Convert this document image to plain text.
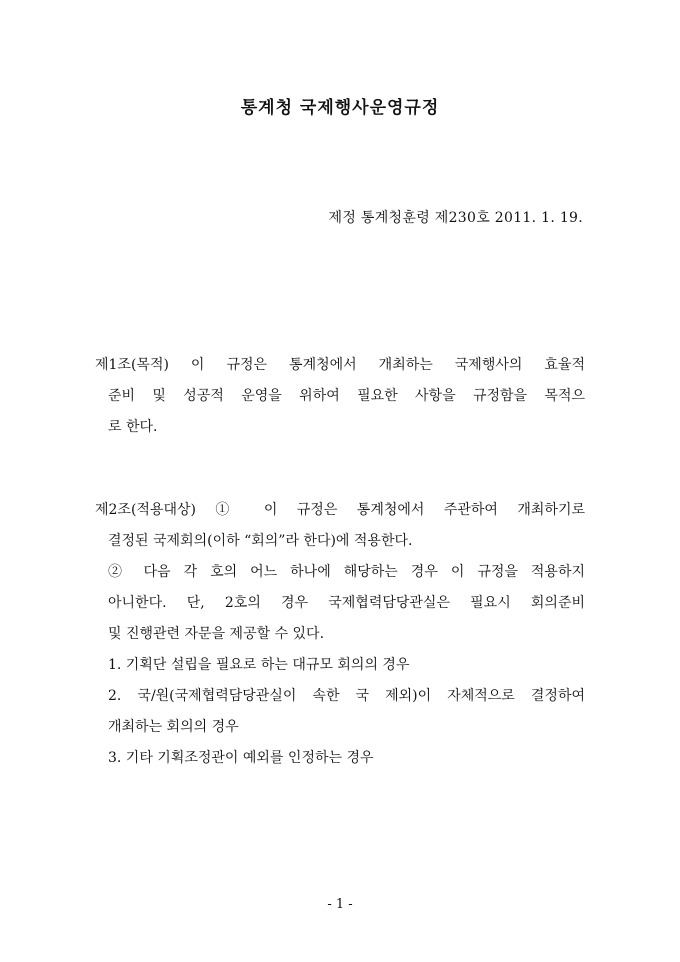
통계청 국제행사운영규정
제정 통계청훈령 제230호 2011. 1. 19.
제1조(목적) 이 규정은 통계청에서 개최하는 국제행사의 효율적
준비 및 성공적 운영을 위하여 필요한 사항을 규정함을 목적으
로 한다.
제2조(적용대상) ① 이 규정은 통계청에서 주관하여 개최하기로
결정된 국제회의(이하 “회의”라 한다)에 적용한다.
② 다음 각 호의 어느 하나에 해당하는 경우 이 규정을 적용하지
아니한다. 단, 2호의 경우 국제협력담당관실은 필요시 회의준비
및 진행관련 자문을 제공할 수 있다.
1. 기획단 설립을 필요로 하는 대규모 회의의 경우
2. 국/원(국제협력담당관실이 속한 국 제외)이 자체적으로 결정하여
개최하는 회의의 경우
3. 기타 기획조정관이 예외를 인정하는 경우
- 1 -
